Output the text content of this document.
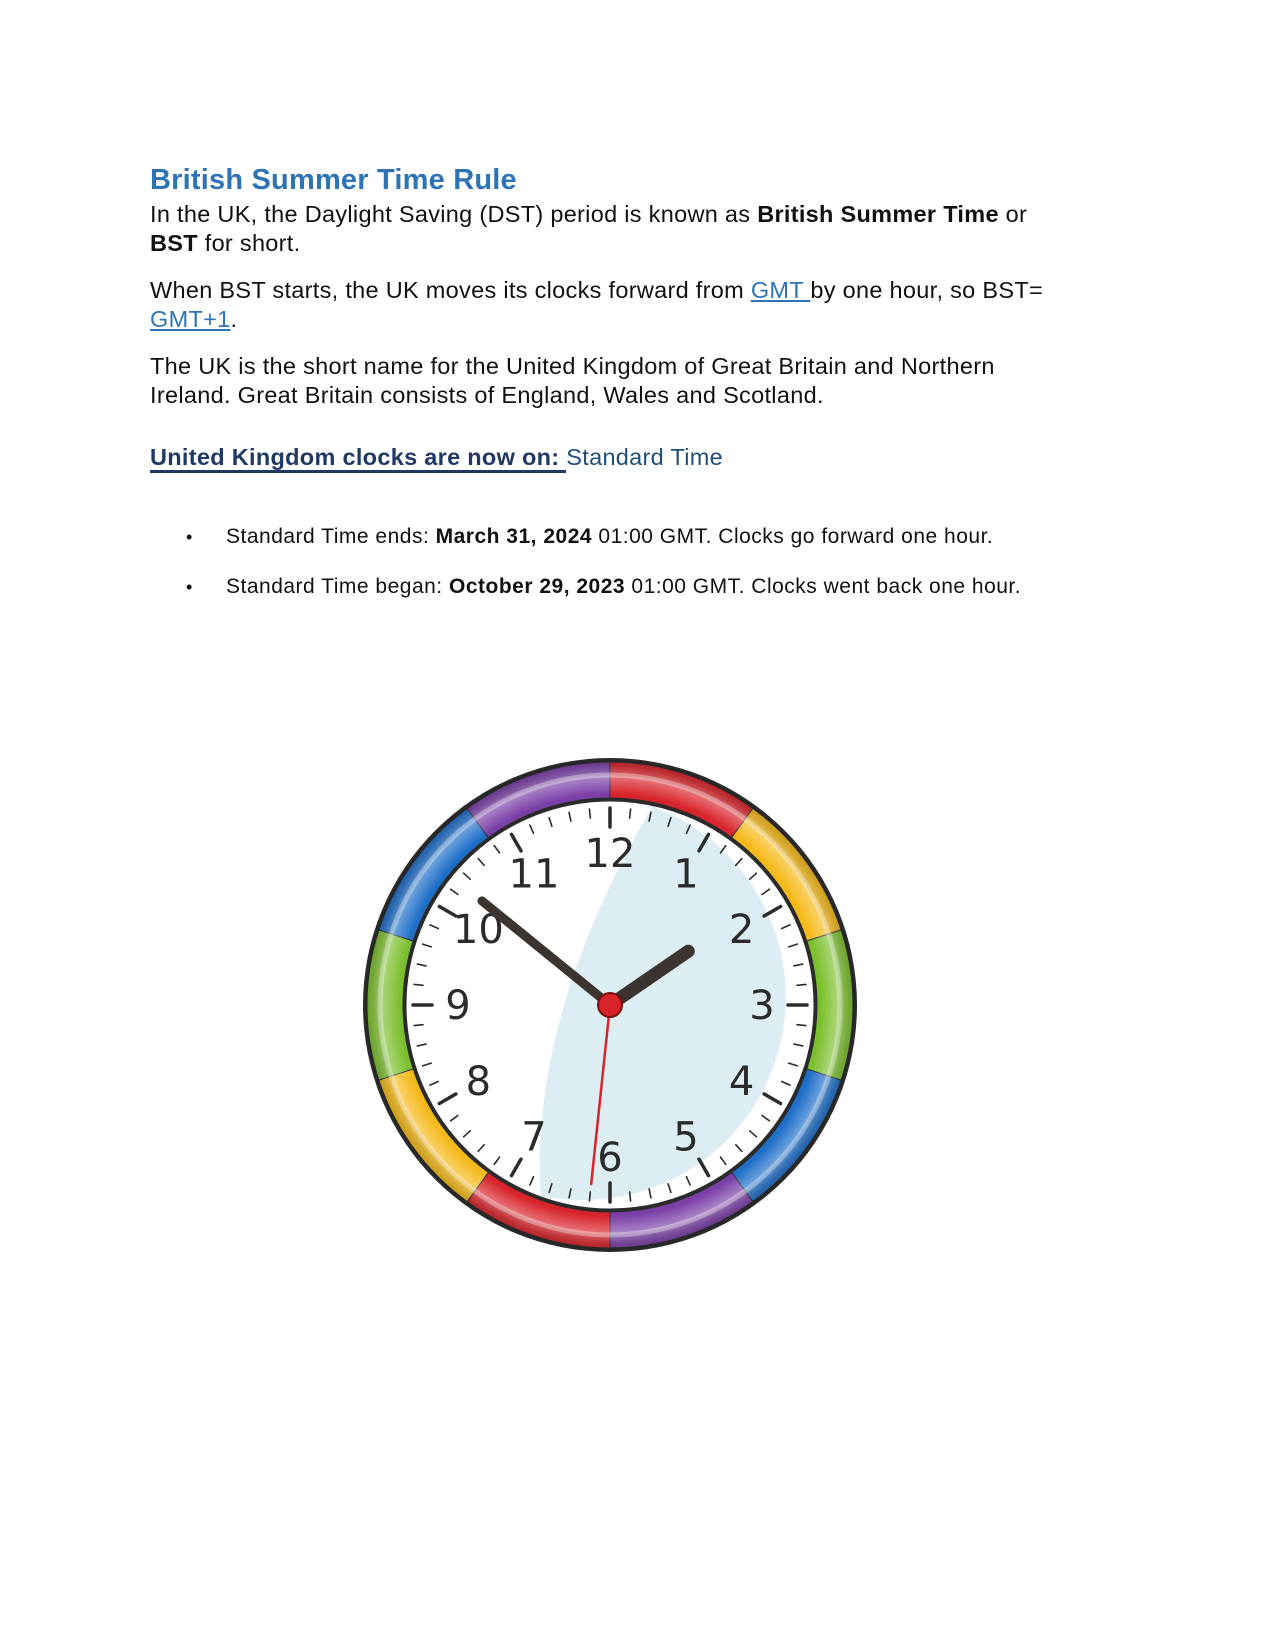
British Summer Time Rule

In the UK, the Daylight Saving (DST) period is known as British Summer Time or BST for short.

When BST starts, the UK moves its clocks forward from GMT by one hour, so BST= GMT+1.

The UK is the short name for the United Kingdom of Great Britain and Northern Ireland. Great Britain consists of England, Wales and Scotland.

United Kingdom clocks are now on: Standard Time

• Standard Time ends: March 31, 2024 01:00 GMT. Clocks go forward one hour.
• Standard Time began: October 29, 2023 01:00 GMT. Clocks went back one hour.
12 1
2
3
4
5
6
7
8
9
10
11
